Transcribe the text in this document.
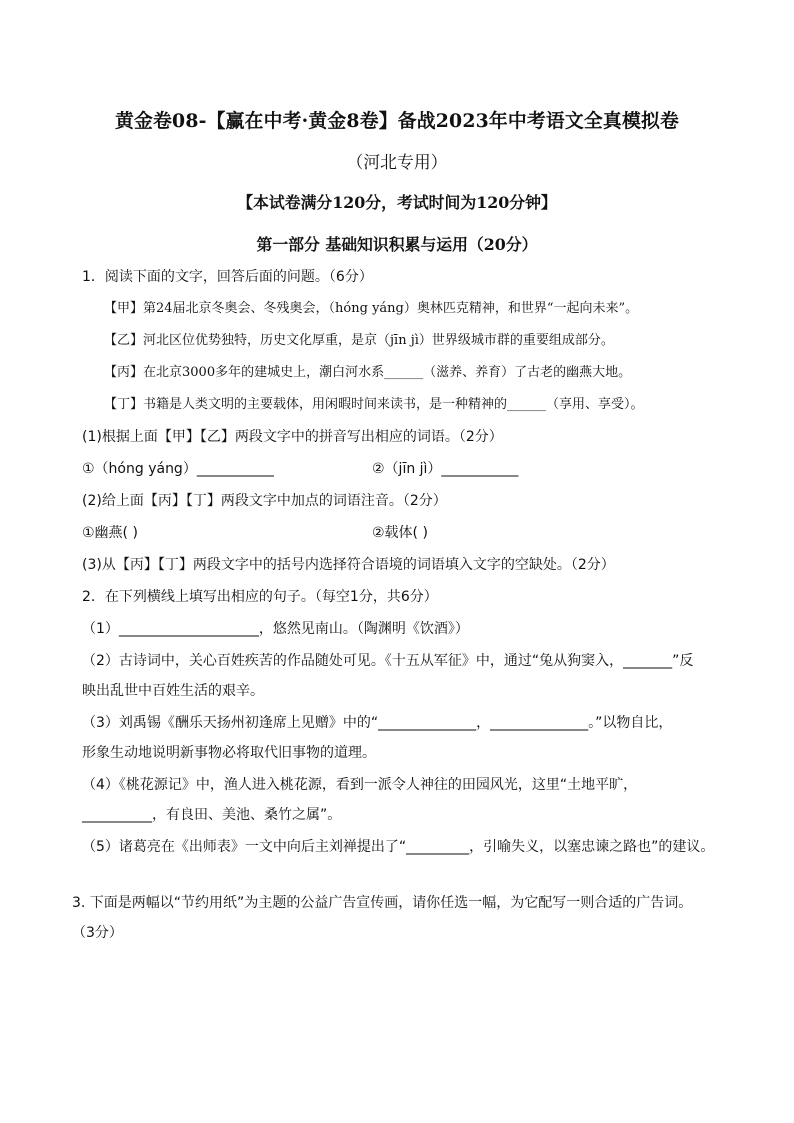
黄金卷08-【赢在中考·黄金8卷】备战2023年中考语文全真模拟卷
（河北专用）
【本试卷满分120分，考试时间为120分钟】
第一部分 基础知识积累与运用（20分）
1．阅读下面的文字，回答后面的问题。（6分）
【甲】第24届北京冬奥会、冬残奥会，（hóng yáng）奥林匹克精神，和世界“一起向未来”。
【乙】河北区位优势独特，历史文化厚重，是京（jīn jì）世界级城市群的重要组成部分。
【丙】在北京3000多年的建城史上，潮白河水系______（滋养、养育）了古老的幽燕大地。
【丁】书籍是人类文明的主要载体，用闲暇时间来读书，是一种精神的______（享用、享受）。
(1)根据上面【甲】【乙】两段文字中的拼音写出相应的词语。（2分）
①（hóng yáng）___________	②（jīn jì）___________
(2)给上面【丙】【丁】两段文字中加点的词语注音。（2分）
①幽燕( )	②载体( )
(3)从【丙】【丁】两段文字中的括号内选择符合语境的词语填入文字的空缺处。（2分）
2．在下列横线上填写出相应的句子。（每空1分，共6分）
（1）____________________，悠然见南山。（陶渊明《饮酒》）
（2）古诗词中，关心百姓疾苦的作品随处可见。《十五从军征》中，通过“兔从狗窦入，_______”反
映出乱世中百姓生活的艰辛。
（3）刘禹锡《酬乐天扬州初逢席上见赠》中的“______________，______________。”以物自比，
形象生动地说明新事物必将取代旧事物的道理。
（4）《桃花源记》中，渔人进入桃花源，看到一派令人神往的田园风光，这里“土地平旷，
__________，有良田、美池、桑竹之属”。
（5）诸葛亮在《出师表》一文中向后主刘禅提出了“_________，引喻失义，以塞忠谏之路也”的建议。
3. 下面是两幅以“节约用纸”为主题的公益广告宣传画，请你任选一幅，为它配写一则合适的广告词。
（3分）
